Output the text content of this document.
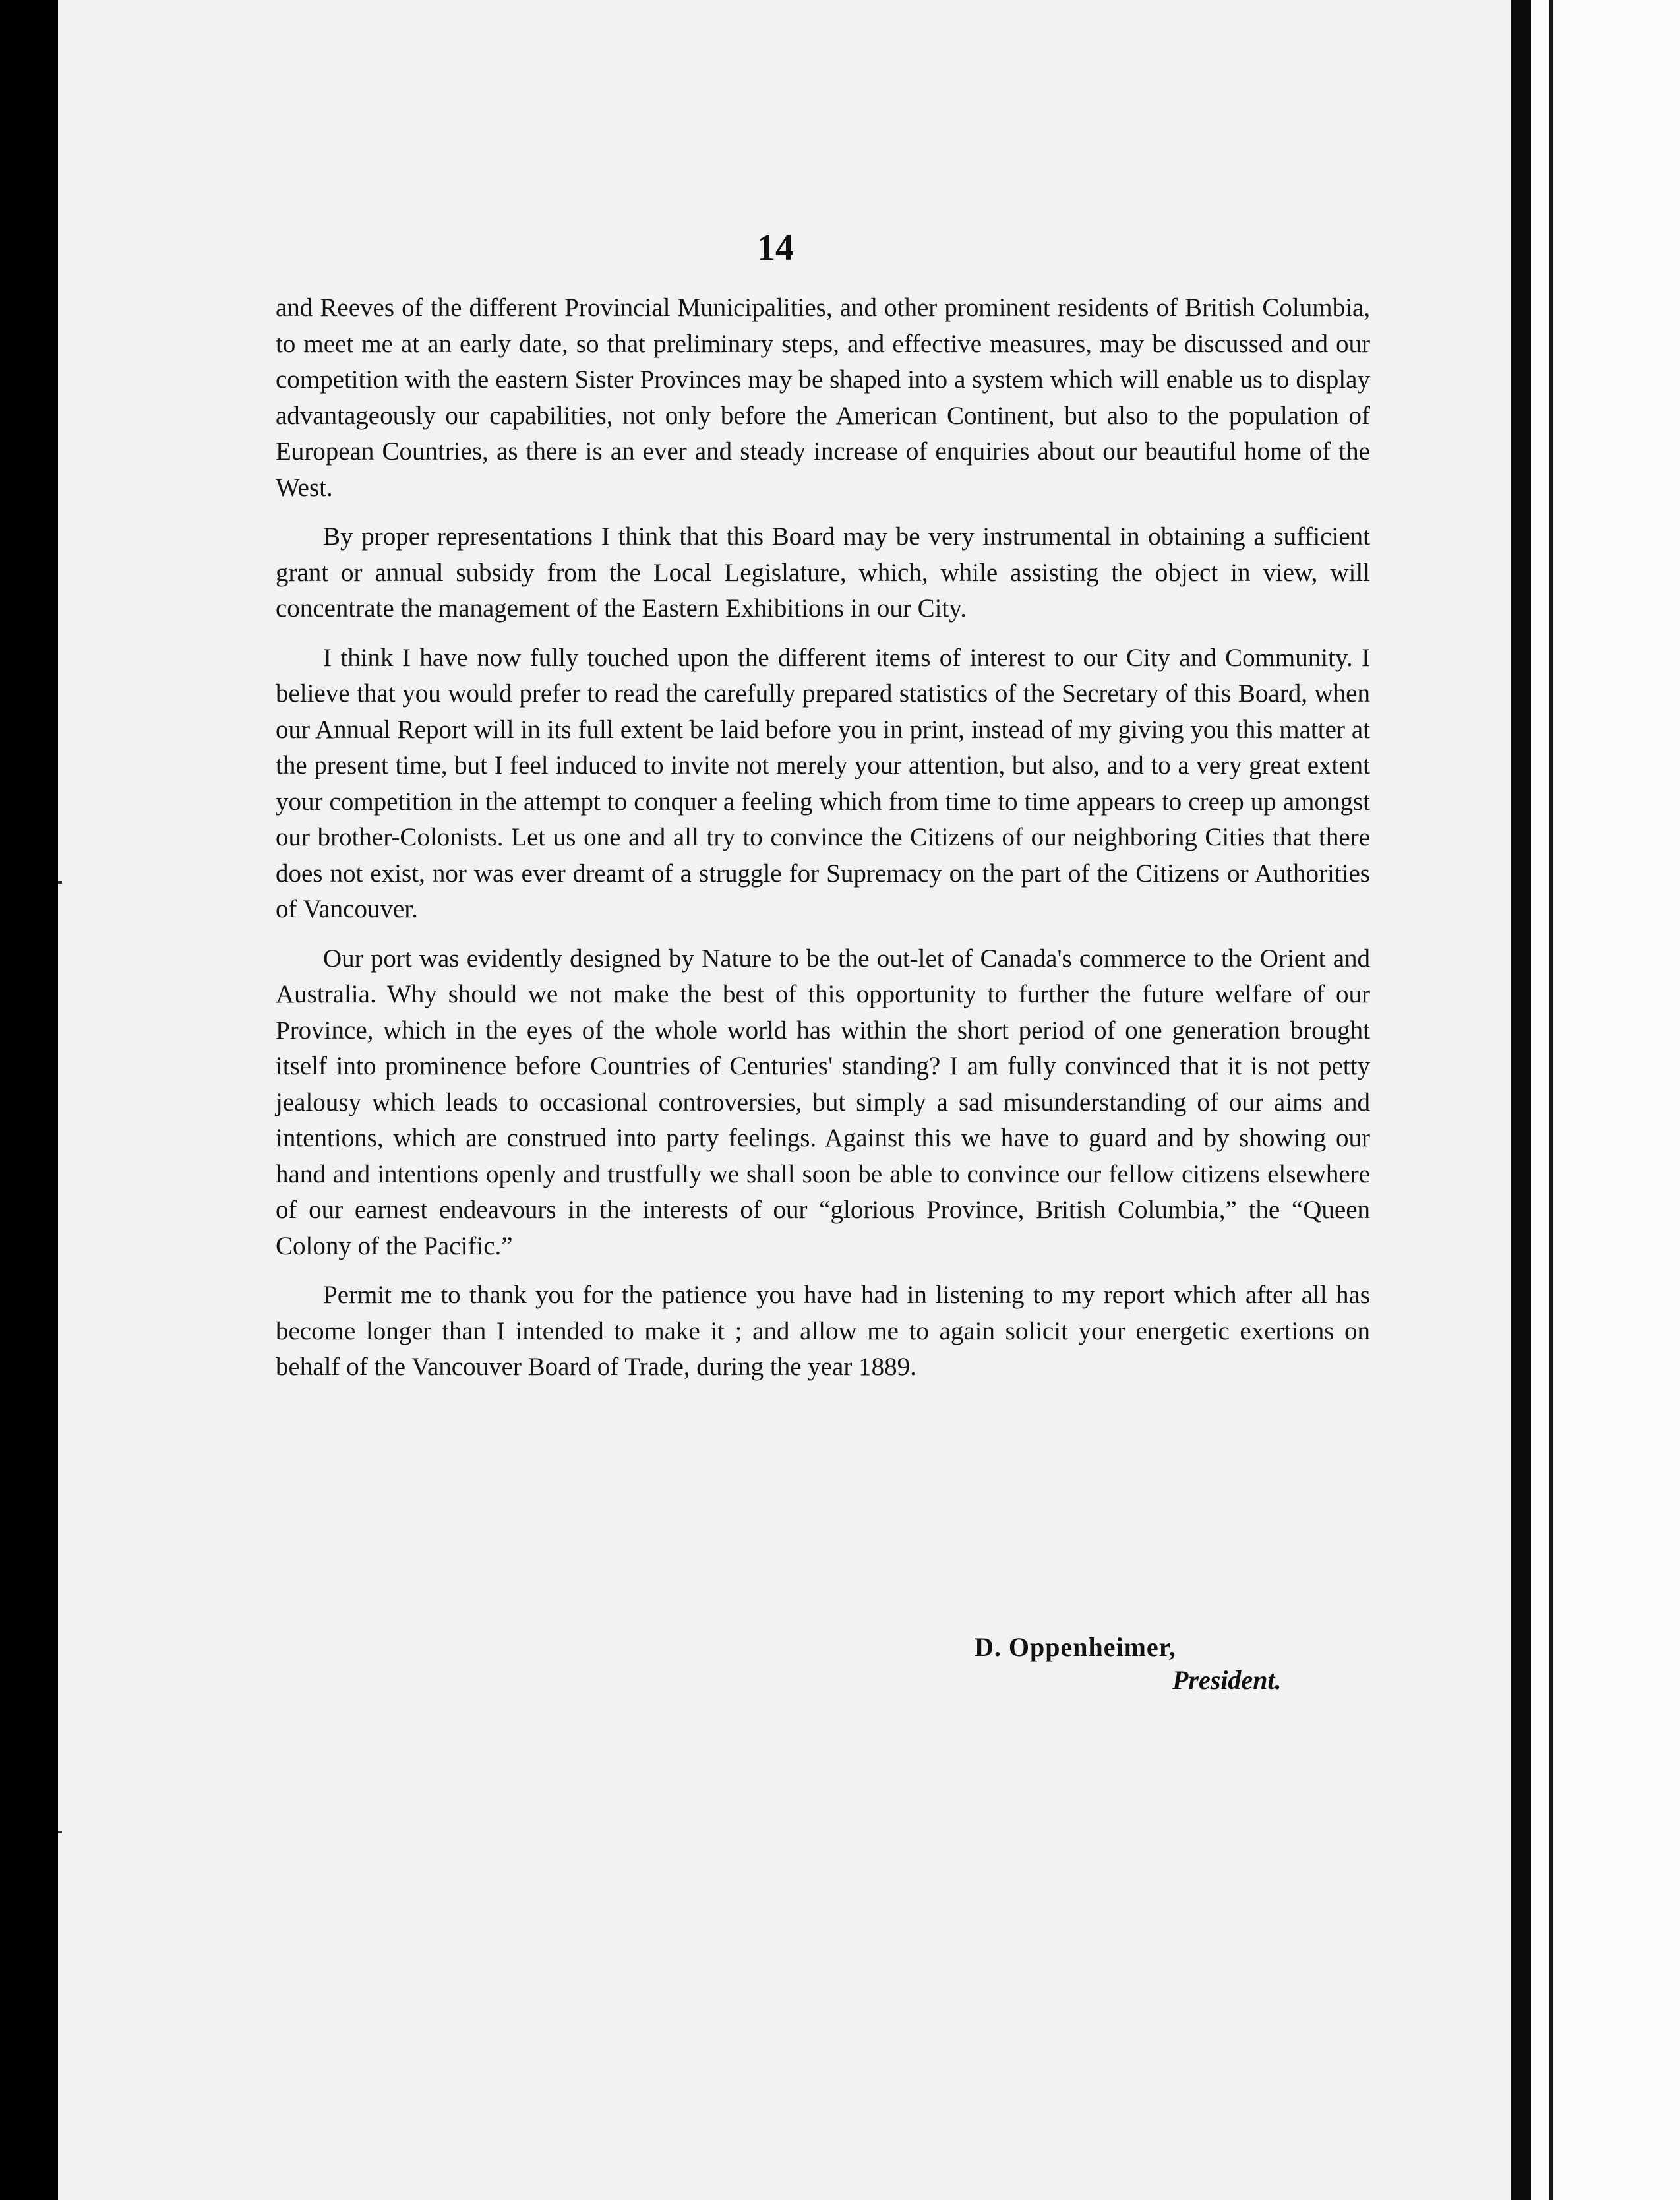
14

and Reeves of the different Provincial Municipalities, and other prominent residents of British Columbia, to meet me at an early date, so that preliminary steps, and effective measures, may be discussed and our competition with the eastern Sister Provinces may be shaped into a system which will enable us to display advantageously our capabilities, not only before the American Continent, but also to the population of European Countries, as there is an ever and steady increase of enquiries about our beautiful home of the West.

By proper representations I think that this Board may be very instrumental in obtaining a sufficient grant or annual subsidy from the Local Legislature, which, while assisting the object in view, will concentrate the management of the Eastern Exhibitions in our City.

I think I have now fully touched upon the different items of interest to our City and Community. I believe that you would prefer to read the carefully prepared statistics of the Secretary of this Board, when our Annual Report will in its full extent be laid before you in print, instead of my giving you this matter at the present time, but I feel induced to invite not merely your attention, but also, and to a very great extent your competition in the attempt to conquer a feeling which from time to time appears to creep up amongst our brother-Colonists. Let us one and all try to convince the Citizens of our neighboring Cities that there does not exist, nor was ever dreamt of a struggle for Supremacy on the part of the Citizens or Authorities of Vancouver.

Our port was evidently designed by Nature to be the out-let of Canada's commerce to the Orient and Australia. Why should we not make the best of this opportunity to further the future welfare of our Province, which in the eyes of the whole world has within the short period of one generation brought itself into prominence before Countries of Centuries' standing? I am fully convinced that it is not petty jealousy which leads to occasional controversies, but simply a sad misunderstanding of our aims and intentions, which are construed into party feelings. Against this we have to guard and by showing our hand and intentions openly and trustfully we shall soon be able to convince our fellow citizens elsewhere of our earnest endeavours in the interests of our “glorious Province, British Columbia,” the “Queen Colony of the Pacific.”

Permit me to thank you for the patience you have had in listening to my report which after all has become longer than I intended to make it ; and allow me to again solicit your energetic exertions on behalf of the Vancouver Board of Trade, during the year 1889.

D. Oppenheimer,
President.
